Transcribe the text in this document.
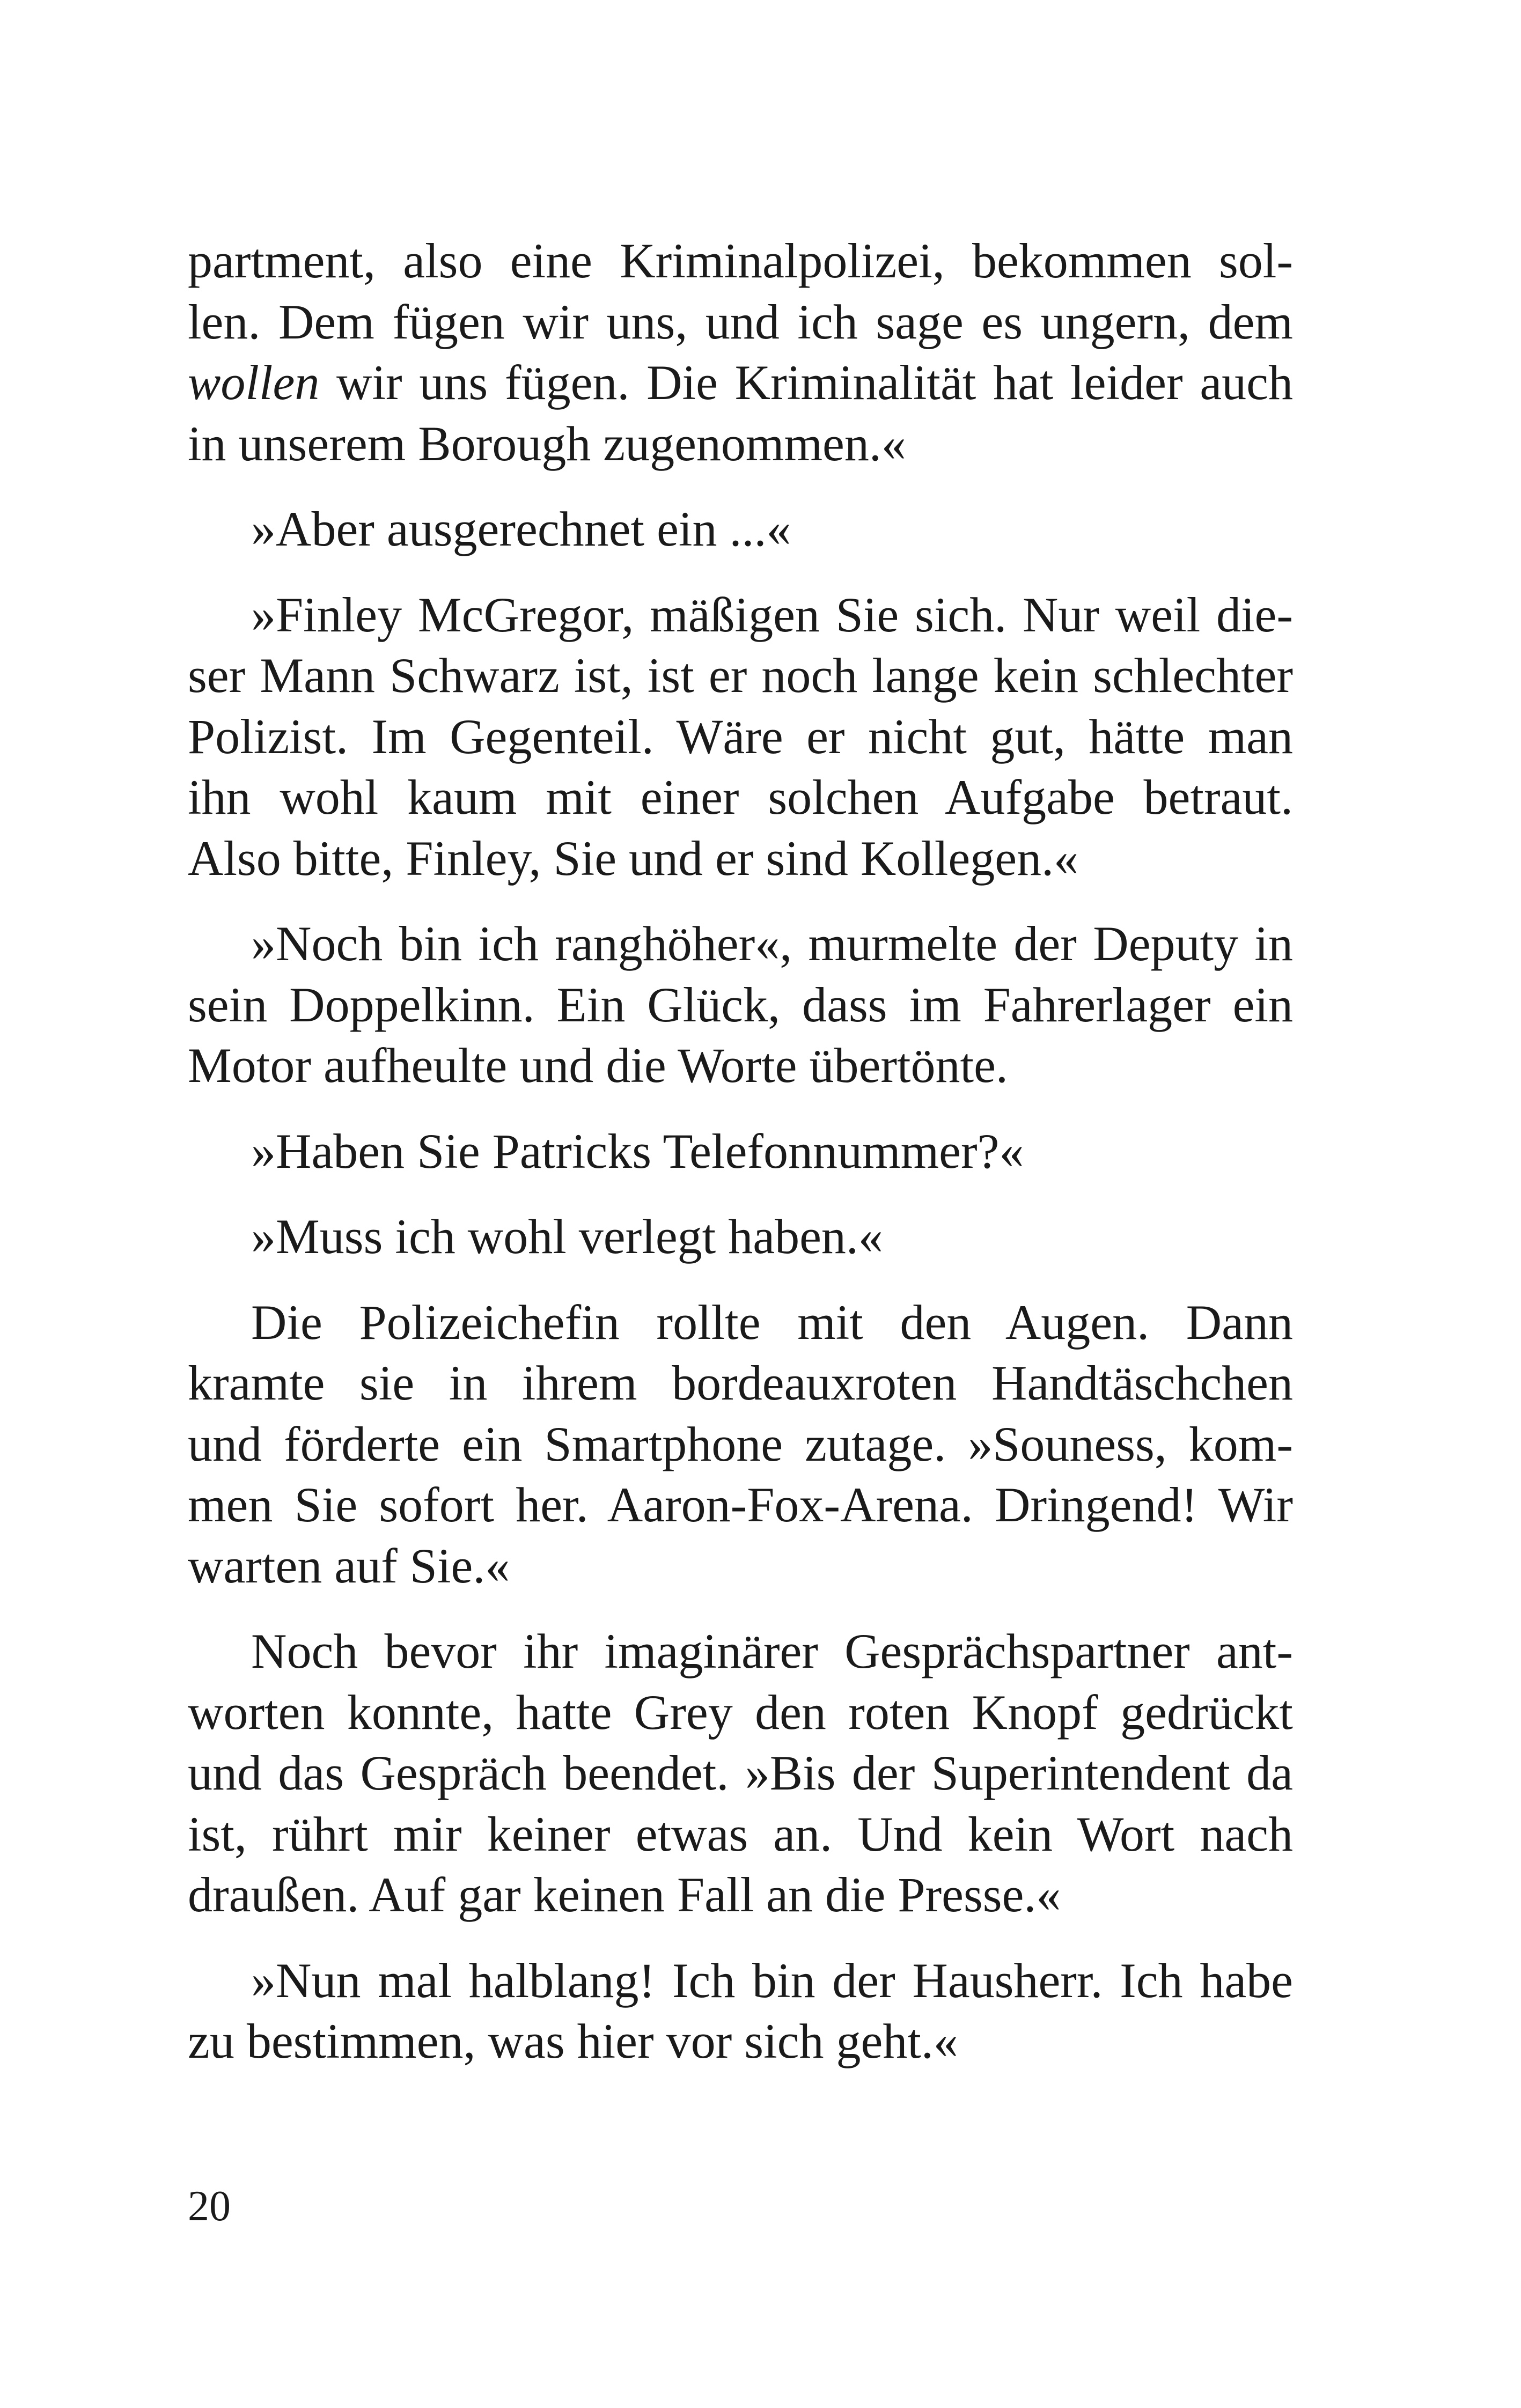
partment, also eine Kriminalpolizei, bekommen sol-
len. Dem fügen wir uns, und ich sage es ungern, dem
wollen wir uns fügen. Die Kriminalität hat leider auch
in unserem Borough zugenommen.«
»Aber ausgerechnet ein ...«
»Finley McGregor, mäßigen Sie sich. Nur weil die-
ser Mann Schwarz ist, ist er noch lange kein schlechter
Polizist. Im Gegenteil. Wäre er nicht gut, hätte man
ihn wohl kaum mit einer solchen Aufgabe betraut.
Also bitte, Finley, Sie und er sind Kollegen.«
»Noch bin ich ranghöher«, murmelte der Deputy in
sein Doppelkinn. Ein Glück, dass im Fahrerlager ein
Motor aufheulte und die Worte übertönte.
»Haben Sie Patricks Telefonnummer?«
»Muss ich wohl verlegt haben.«
Die Polizeichefin rollte mit den Augen. Dann
kramte sie in ihrem bordeauxroten Handtäschchen
und förderte ein Smartphone zutage. »Souness, kom-
men Sie sofort her. Aaron-Fox-Arena. Dringend! Wir
warten auf Sie.«
Noch bevor ihr imaginärer Gesprächspartner ant-
worten konnte, hatte Grey den roten Knopf gedrückt
und das Gespräch beendet. »Bis der Superintendent da
ist, rührt mir keiner etwas an. Und kein Wort nach
draußen. Auf gar keinen Fall an die Presse.«
»Nun mal halblang! Ich bin der Hausherr. Ich habe
zu bestimmen, was hier vor sich geht.«
20
